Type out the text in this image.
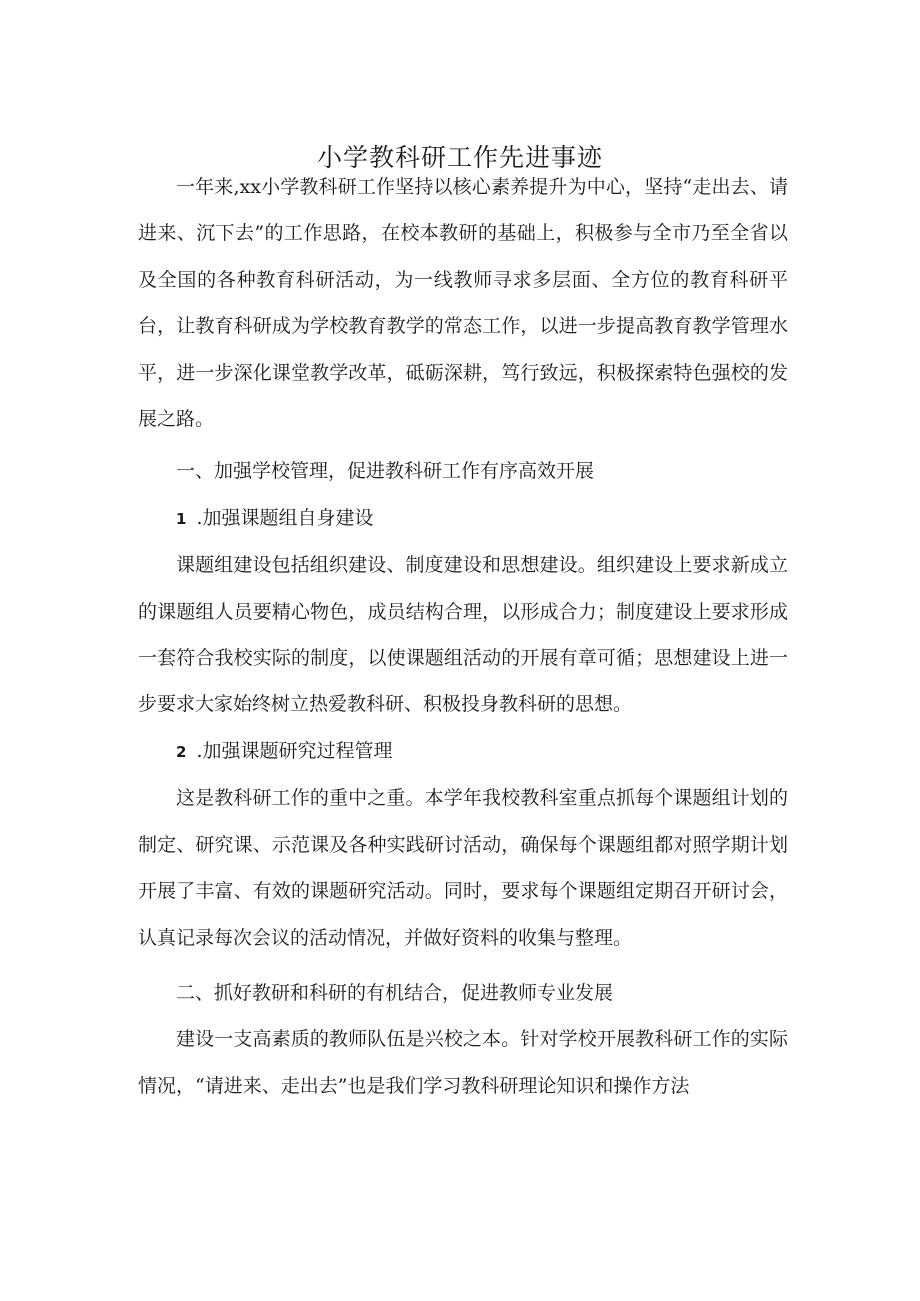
小学教科研工作先进事迹

一年来,xx小学教科研工作坚持以核心素养提升为中心，坚持“走出去、请进来、沉下去”的工作思路，在校本教研的基础上，积极参与全市乃至全省以及全国的各种教育科研活动，为一线教师寻求多层面、全方位的教育科研平台，让教育科研成为学校教育教学的常态工作，以进一步提高教育教学管理水平，进一步深化课堂教学改革，砥砺深耕，笃行致远，积极探索特色强校的发展之路。

一、加强学校管理，促进教科研工作有序高效开展

1 .加强课题组自身建设

课题组建设包括组织建设、制度建设和思想建设。组织建设上要求新成立的课题组人员要精心物色，成员结构合理，以形成合力；制度建设上要求形成一套符合我校实际的制度，以使课题组活动的开展有章可循；思想建设上进一步要求大家始终树立热爱教科研、积极投身教科研的思想。

2 .加强课题研究过程管理

这是教科研工作的重中之重。本学年我校教科室重点抓每个课题组计划的制定、研究课、示范课及各种实践研讨活动，确保每个课题组都对照学期计划开展了丰富、有效的课题研究活动。同时，要求每个课题组定期召开研讨会，认真记录每次会议的活动情况，并做好资料的收集与整理。

二、抓好教研和科研的有机结合，促进教师专业发展

建设一支高素质的教师队伍是兴校之本。针对学校开展教科研工作的实际情况，“请进来、走出去”也是我们学习教科研理论知识和操作方法
